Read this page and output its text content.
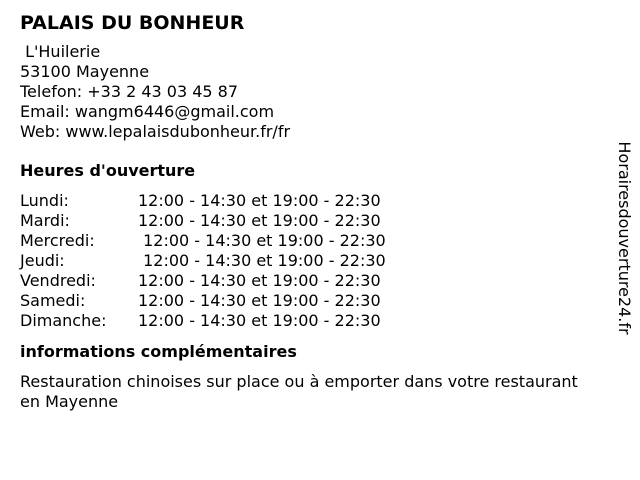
PALAIS DU BONHEUR
L'Huilerie
53100 Mayenne
Telefon: +33 2 43 03 45 87
Email: wangm6446@gmail.com
Web: www.lepalaisdubonheur.fr/fr
Heures d'ouverture
Lundi:	12:00 - 14:30 et 19:00 - 22:30
Mardi:	12:00 - 14:30 et 19:00 - 22:30
Mercredi:	12:00 - 14:30 et 19:00 - 22:30
Jeudi:	12:00 - 14:30 et 19:00 - 22:30
Vendredi:	12:00 - 14:30 et 19:00 - 22:30
Samedi:	12:00 - 14:30 et 19:00 - 22:30
Dimanche:	12:00 - 14:30 et 19:00 - 22:30
informations complémentaires
Restauration chinoises sur place ou à emporter dans votre restaurant
en Mayenne
Horairesdouverture24.fr
